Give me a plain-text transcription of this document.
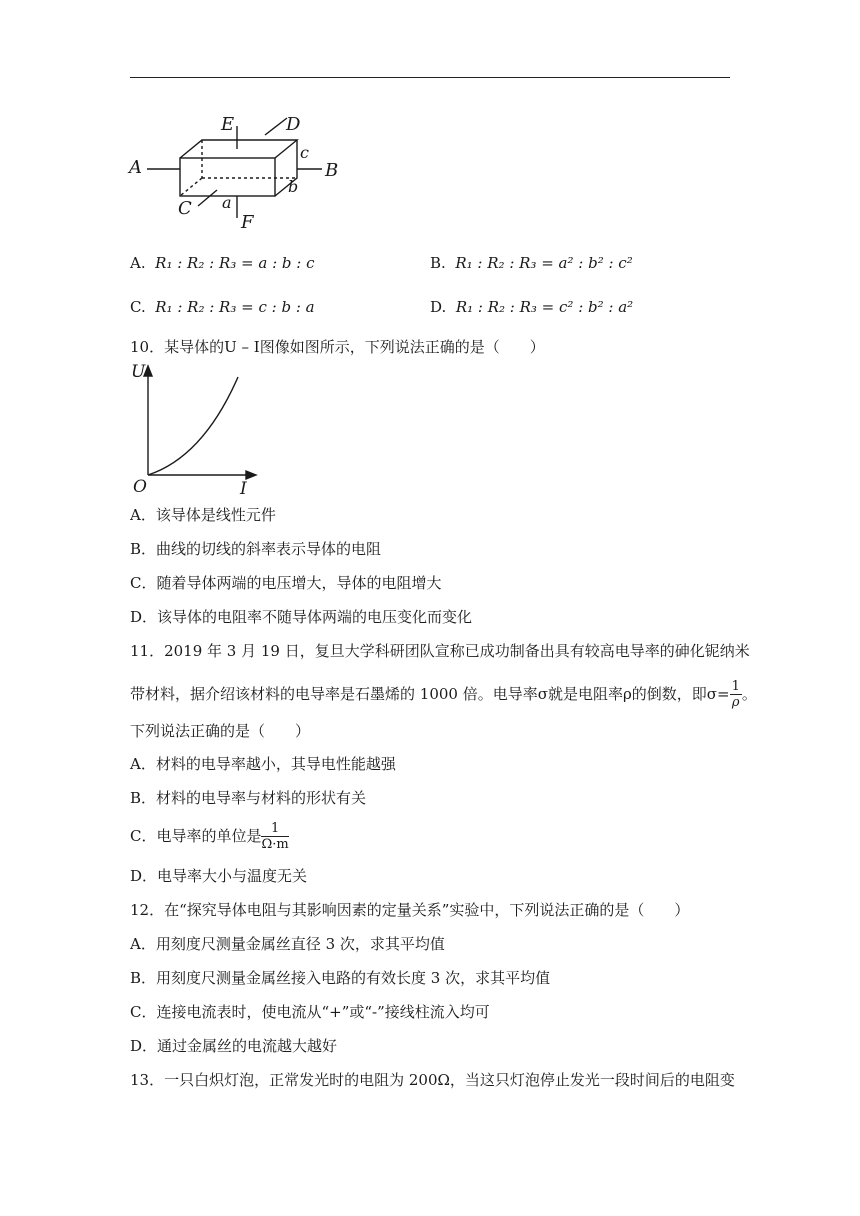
E	D
A	B
c
b
C a
F
A. R₁ : R₂ : R₃ = a : b : c	B. R₁ : R₂ : R₃ = a² : b² : c²
C. R₁ : R₂ : R₃ = c : b : a	D. R₁ : R₂ : R₃ = c² : b² : a²
10．某导体的U – I图像如图所示，下列说法正确的是（　　）
U
I
O
A．该导体是线性元件
B．曲线的切线的斜率表示导体的电阻
C．随着导体两端的电压增大，导体的电阻增大
D．该导体的电阻率不随导体两端的电压变化而变化
11．2019 年 3 月 19 日，复旦大学科研团队宣称已成功制备出具有较高电导率的砷化铌纳米
带材料，据介绍该材料的电导率是石墨烯的 1000 倍。电导率σ就是电阻率ρ的倒数，即$\sigma= \frac{1}{\rho}$ 。
下列说法正确的是（　　）
A．材料的电导率越小，其导电性能越强
B．材料的电导率与材料的形状有关
C．电导率的单位是 $\frac{1}{\Omega\cdot m}$
D．电导率大小与温度无关
12．在“探究导体电阻与其影响因素的定量关系”实验中，下列说法正确的是（　　）
A．用刻度尺测量金属丝直径 3 次，求其平均值
B．用刻度尺测量金属丝接入电路的有效长度 3 次，求其平均值
C．连接电流表时，使电流从“+”或“-”接线柱流入均可
D．通过金属丝的电流越大越好
13．一只白炽灯泡，正常发光时的电阻为 200Ω，当这只灯泡停止发光一段时间后的电阻变
